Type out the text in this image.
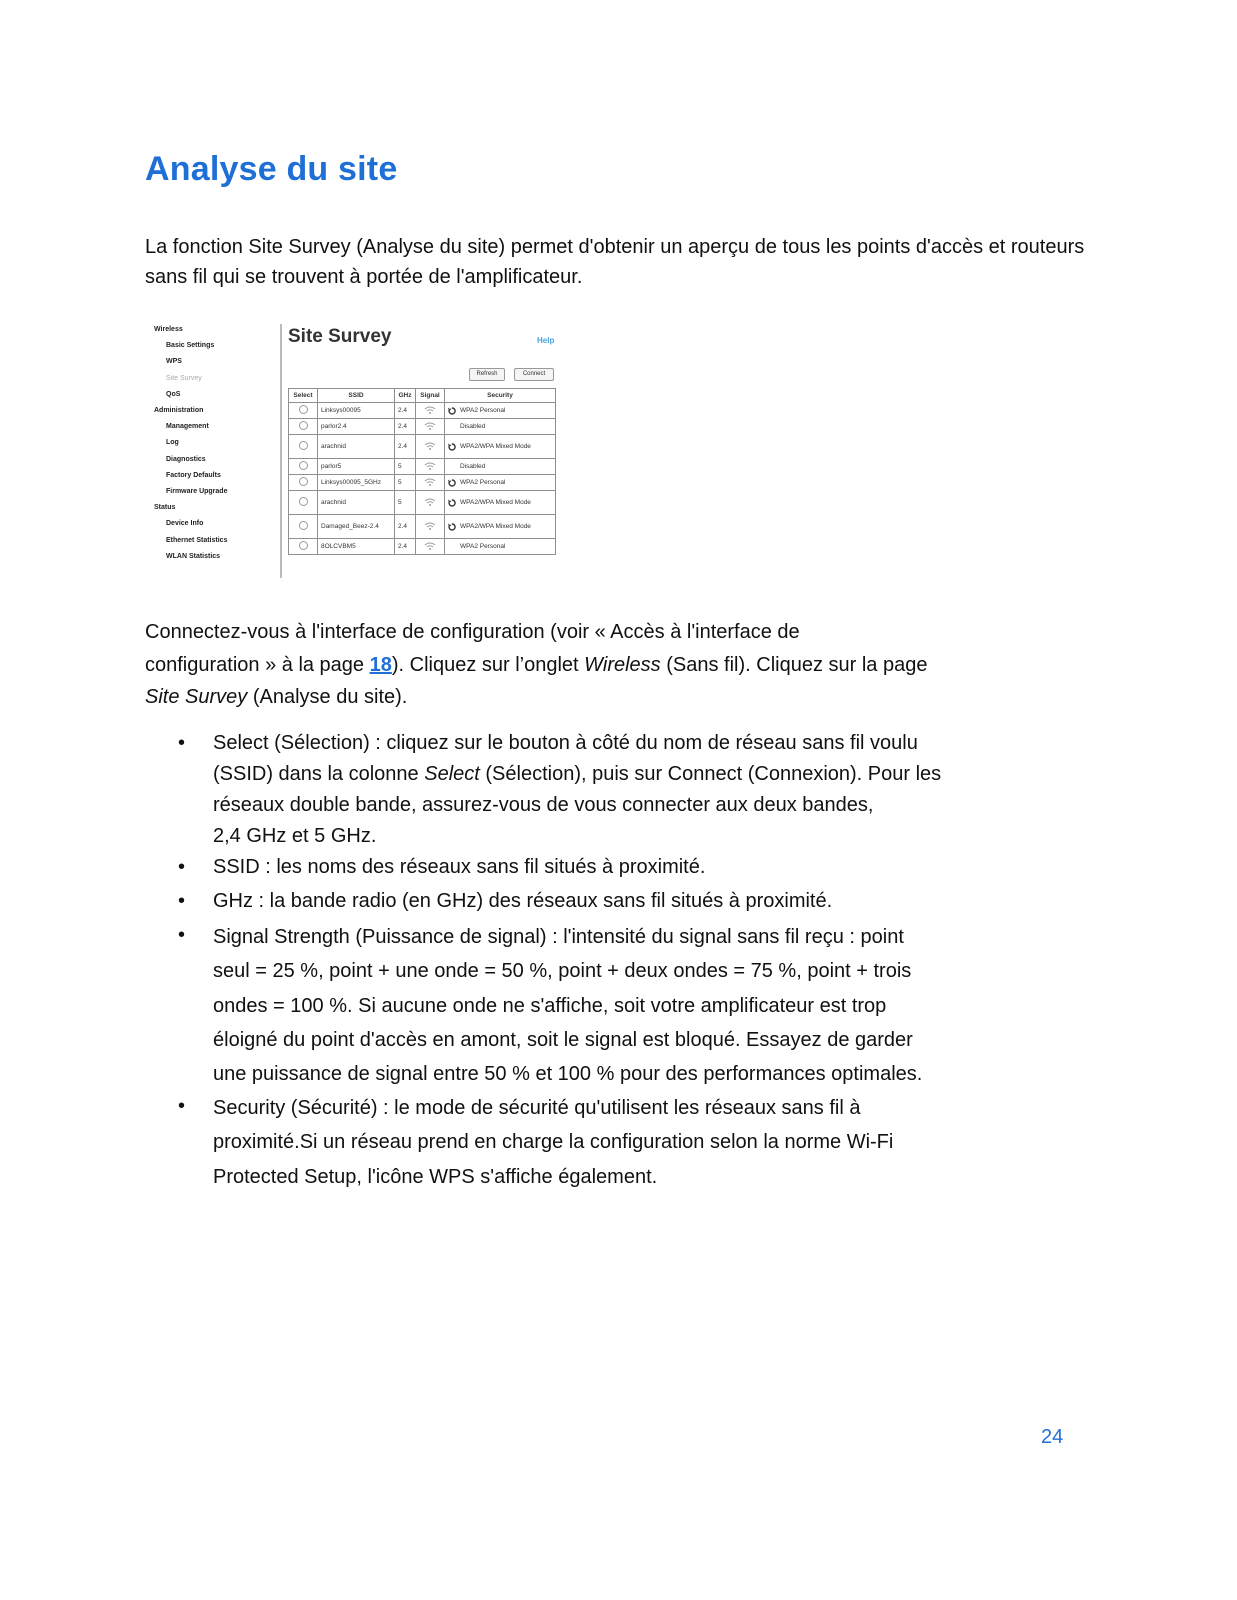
Analyse du site

La fonction Site Survey (Analyse du site) permet d'obtenir un aperçu de tous les points d'accès et routeurs sans fil qui se trouvent à portée de l'amplificateur.

Wireless
Basic Settings
WPS
Site Survey
QoS
Administration
Management
Log
Diagnostics
Factory Defaults
Firmware Upgrade
Status
Device Info
Ethernet Statistics
WLAN Statistics
Site Survey	Help
Refresh	Connect
Select	SSID	GHz	Signal	Security
	Linksys00095	2.4		WPA2 Personal

	parlor2.4	2.4		Disabled

	arachnid	2.4		WPA2/WPA Mixed Mode

	parlor5	5		Disabled

	Linksys00095_5GHz	5		WPA2 Personal

	arachnid	5		WPA2/WPA Mixed Mode

	Damaged_Beez-2.4	2.4		WPA2/WPA Mixed Mode

	8OLCVBM5	2.4		WPA2 Personal

Connectez-vous à l'interface de configuration (voir « Accès à l'interface de
configuration » à la page 18). Cliquez sur l’onglet Wireless (Sans fil). Cliquez sur la page
Site Survey (Analyse du site).

• Select (Sélection) : cliquez sur le bouton à côté du nom de réseau sans fil voulu
(SSID) dans la colonne Select (Sélection), puis sur Connect (Connexion). Pour les
réseaux double bande, assurez-vous de vous connecter aux deux bandes,
2,4 GHz et 5 GHz.
• SSID : les noms des réseaux sans fil situés à proximité.
• GHz : la bande radio (en GHz) des réseaux sans fil situés à proximité.
• Signal Strength (Puissance de signal) : l'intensité du signal sans fil reçu : point
seul = 25 %, point + une onde = 50 %, point + deux ondes = 75 %, point + trois
ondes = 100 %. Si aucune onde ne s'affiche, soit votre amplificateur est trop
éloigné du point d'accès en amont, soit le signal est bloqué. Essayez de garder
une puissance de signal entre 50 % et 100 % pour des performances optimales.
• Security (Sécurité) : le mode de sécurité qu'utilisent les réseaux sans fil à
proximité.Si un réseau prend en charge la configuration selon la norme Wi-Fi
Protected Setup, l'icône WPS s'affiche également.
24
